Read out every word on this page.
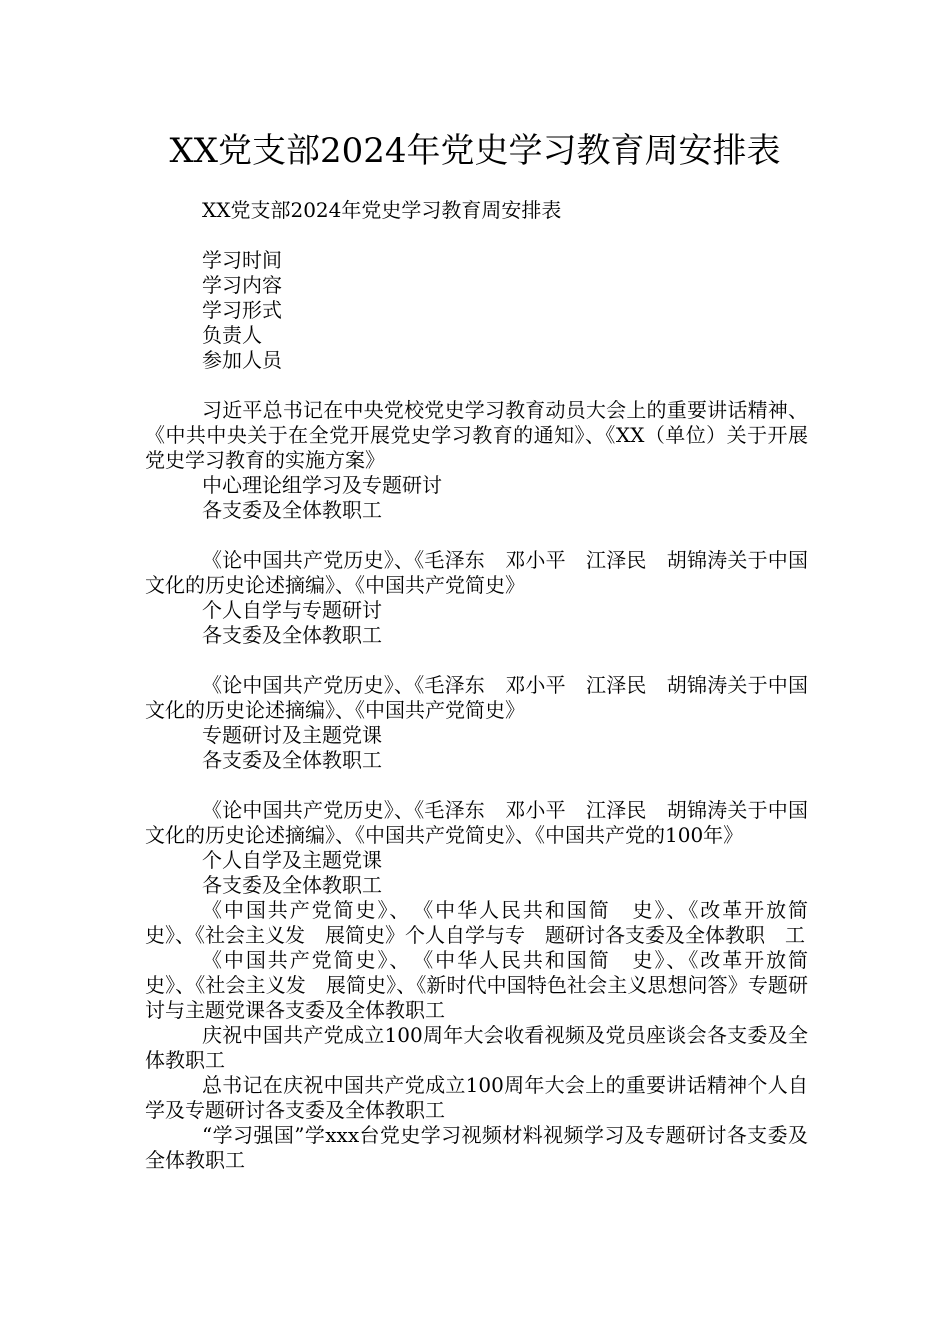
XX党支部2024年党史学习教育周安排表

XX党支部2024年党史学习教育周安排表

学习时间

学习内容

学习形式

负责人

参加人员

习近平总书记在中央党校党史学习教育动员大会上的重要讲话精神、《中共中央关于在全党开展党史学习教育的通知》、《XX（单位）关于开展党史学习教育的实施方案》

中心理论组学习及专题研讨

各支委及全体教职工

《论中国共产党历史》、《毛泽东　邓小平　江泽民　胡锦涛关于中国文化的历史论述摘编》、《中国共产党简史》

个人自学与专题研讨

各支委及全体教职工

《论中国共产党历史》、《毛泽东　邓小平　江泽民　胡锦涛关于中国文化的历史论述摘编》、《中国共产党简史》

专题研讨及主题党课

各支委及全体教职工

《论中国共产党历史》、《毛泽东　邓小平　江泽民　胡锦涛关于中国文化的历史论述摘编》、《中国共产党简史》、《中国共产党的100年》

个人自学及主题党课

各支委及全体教职工

《中国共产党简史》、　《中华人民共和国简　史》、《改革开放简　史》、《社会主义发　展简史》个人自学与专　题研讨各支委及全体教职　工

《中国共产党简史》、　《中华人民共和国简　史》、《改革开放简　史》、《社会主义发　展简史》、《新时代中国特色社会主义思想问答》专题研讨与主题党课各支委及全体教职工

庆祝中国共产党成立100周年大会收看视频及党员座谈会各支委及全体教职工

总书记在庆祝中国共产党成立100周年大会上的重要讲话精神个人自学及专题研讨各支委及全体教职工

“学习强国”学xxx台党史学习视频材料视频学习及专题研讨各支委及全体教职工
